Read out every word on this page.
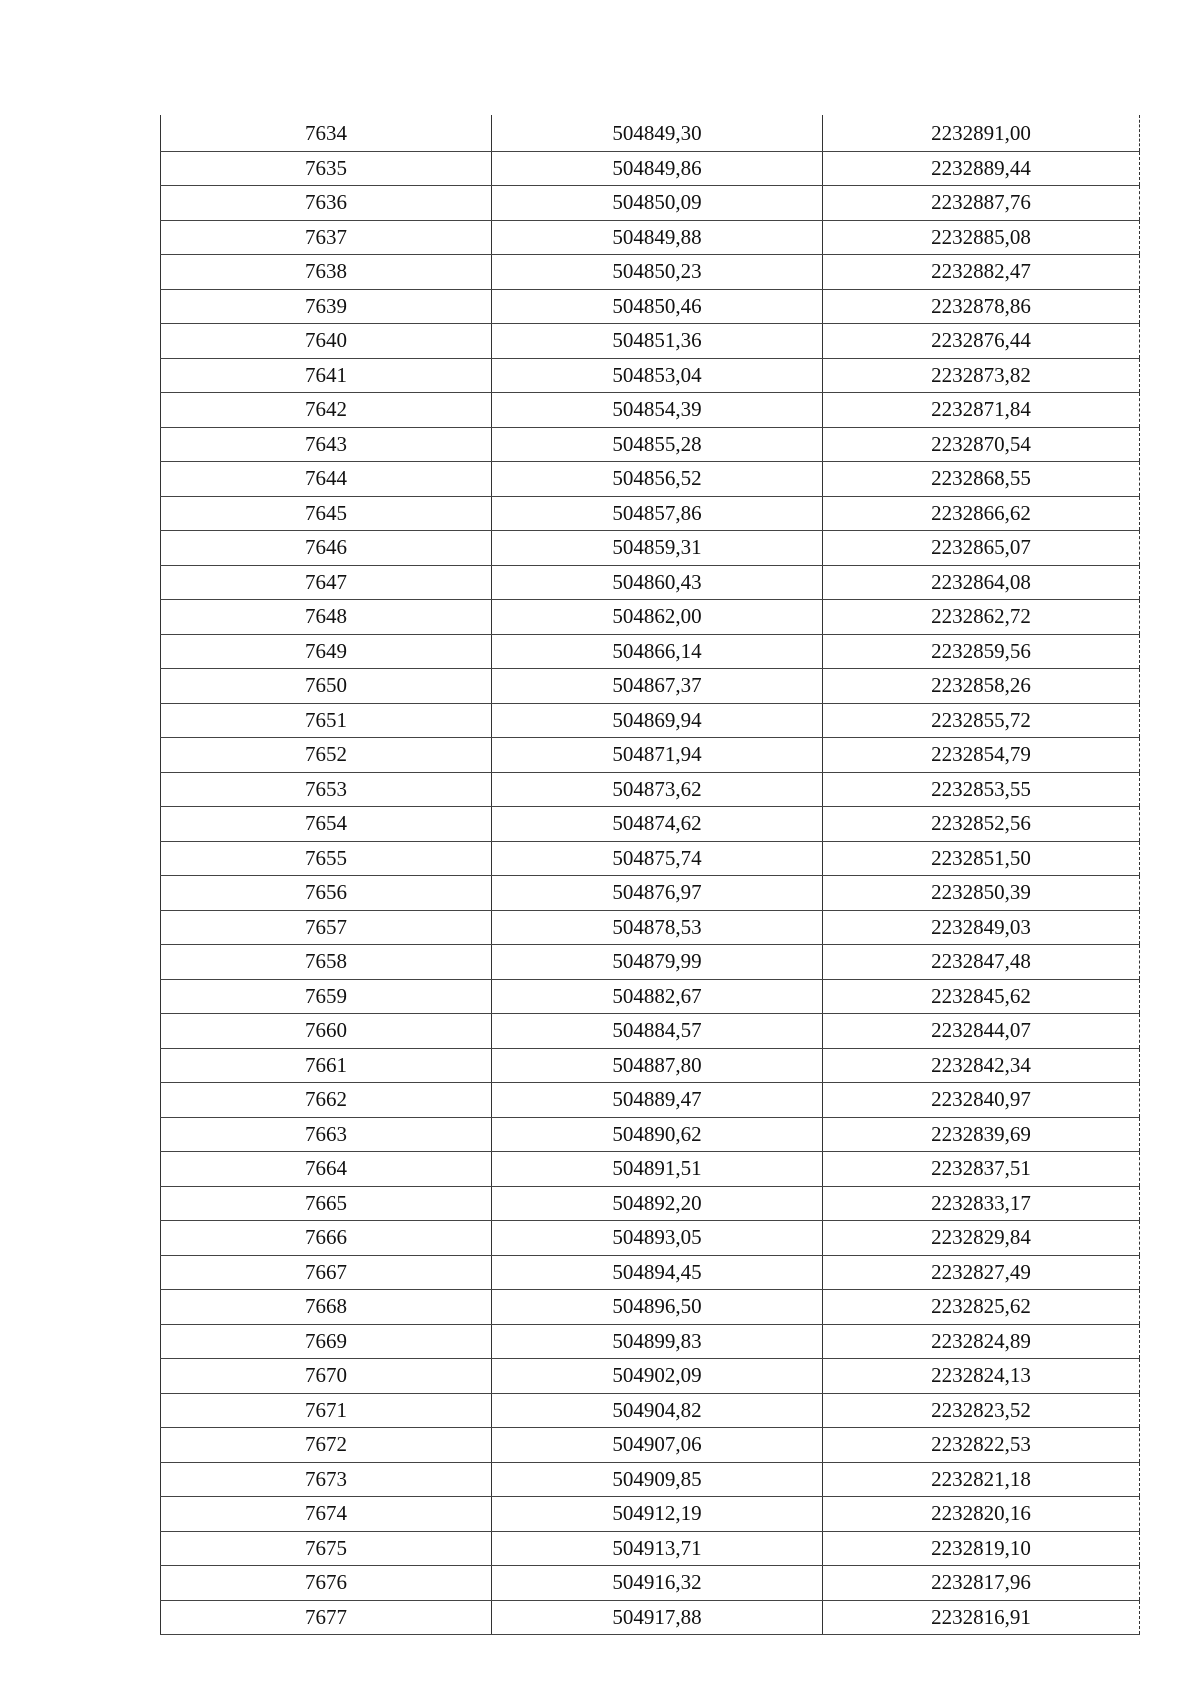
7634	504849,30	2232891,00
7635	504849,86	2232889,44
7636	504850,09	2232887,76
7637	504849,88	2232885,08
7638	504850,23	2232882,47
7639	504850,46	2232878,86
7640	504851,36	2232876,44
7641	504853,04	2232873,82
7642	504854,39	2232871,84
7643	504855,28	2232870,54
7644	504856,52	2232868,55
7645	504857,86	2232866,62
7646	504859,31	2232865,07
7647	504860,43	2232864,08
7648	504862,00	2232862,72
7649	504866,14	2232859,56
7650	504867,37	2232858,26
7651	504869,94	2232855,72
7652	504871,94	2232854,79
7653	504873,62	2232853,55
7654	504874,62	2232852,56
7655	504875,74	2232851,50
7656	504876,97	2232850,39
7657	504878,53	2232849,03
7658	504879,99	2232847,48
7659	504882,67	2232845,62
7660	504884,57	2232844,07
7661	504887,80	2232842,34
7662	504889,47	2232840,97
7663	504890,62	2232839,69
7664	504891,51	2232837,51
7665	504892,20	2232833,17
7666	504893,05	2232829,84
7667	504894,45	2232827,49
7668	504896,50	2232825,62
7669	504899,83	2232824,89
7670	504902,09	2232824,13
7671	504904,82	2232823,52
7672	504907,06	2232822,53
7673	504909,85	2232821,18
7674	504912,19	2232820,16
7675	504913,71	2232819,10
7676	504916,32	2232817,96
7677	504917,88	2232816,91
